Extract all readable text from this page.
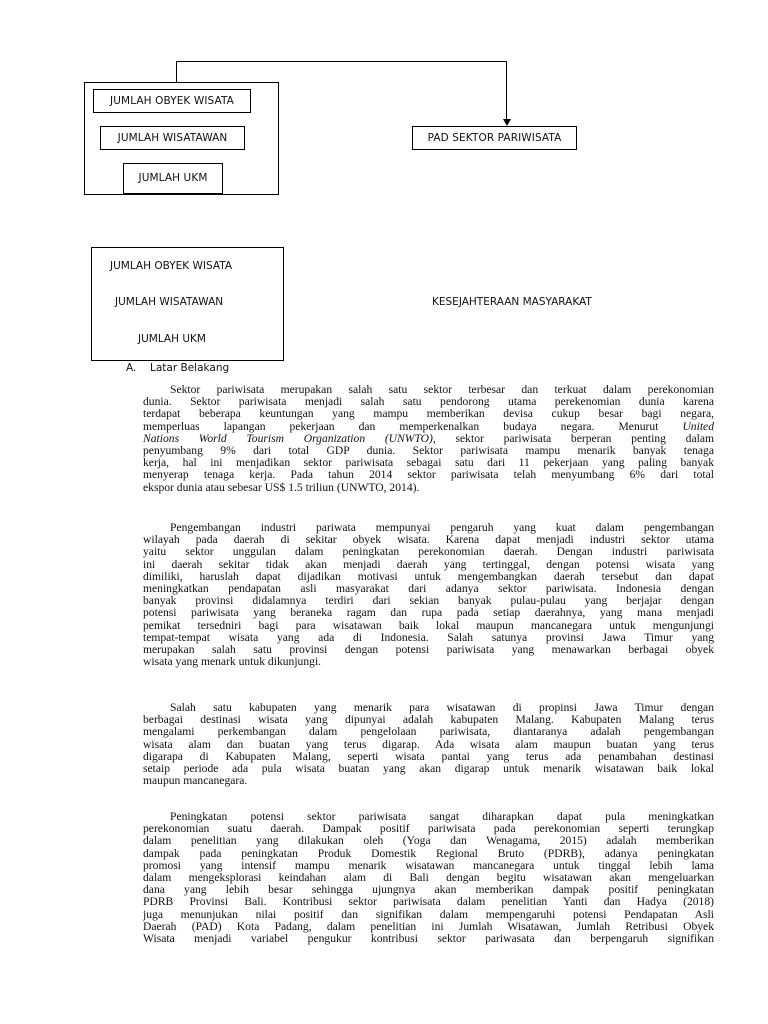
JUMLAH OBYEK WISATA
JUMLAH WISATAWAN
JUMLAH UKM
PAD SEKTOR PARIWISATA
JUMLAH OBYEK WISATA
JUMLAH WISATAWAN
JUMLAH UKM
KESEJAHTERAAN MASYARAKAT
A. Latar Belakang
Sektor pariwisata merupakan salah satu sektor terbesar dan terkuat dalam perekonomian
dunia. Sektor pariwisata menjadi salah satu pendorong utama perekenomian dunia karena
terdapat beberapa keuntungan yang mampu memberikan devisa cukup besar bagi negara,
memperluas lapangan pekerjaan dan memperkenalkan budaya negara. Menurut United
Nations World Tourism Organization (UNWTO), sektor pariwisata berperan penting dalam
penyumbang 9% dari total GDP dunia. Sektor pariwisata mampu menarik banyak tenaga
kerja, hal ini menjadikan sektor pariwisata sebagai satu dari 11 pekerjaan yang paling banyak
menyerap tenaga kerja. Pada tahun 2014 sektor pariwisata telah menyumbang 6% dari total
ekspor dunia atau sebesar US$ 1.5 triliun (UNWTO, 2014).
Pengembangan industri pariwata mempunyai pengaruh yang kuat dalam pengembangan
wilayah pada daerah di sekitar obyek wisata. Karena dapat menjadi industri sektor utama
yaitu sektor unggulan dalam peningkatan perekonomian daerah. Dengan industri pariwisata
ini daerah sekitar tidak akan menjadi daerah yang tertinggal, dengan potensi wisata yang
dimiliki, haruslah dapat dijadikan motivasi untuk mengembangkan daerah tersebut dan dapat
meningkatkan pendapatan asli masyarakat dari adanya sektor pariwisata. Indonesia dengan
banyak provinsi didalamnya terdiri dari sekian banyak pulau-pulau yang berjajar dengan
potensi pariwisata yang beraneka ragam dan rupa pada setiap daerahnya, yang mana menjadi
pemikat tersedniri bagi para wisatawan baik lokal maupun mancanegara untuk mengunjungi
tempat-tempat wisata yang ada di Indonesia. Salah satunya provinsi Jawa Timur yang
merupakan salah satu provinsi dengan potensi pariwisata yang menawarkan berbagai obyek
wisata yang menark untuk dikunjungi.
Salah satu kabupaten yang menarik para wisatawan di propinsi Jawa Timur dengan
berbagai destinasi wisata yang dipunyai adalah kabupaten Malang. Kabupaten Malang terus
mengalami perkembangan dalam pengelolaan pariwisata, diantaranya adalah pengembangan
wisata alam dan buatan yang terus digarap. Ada wisata alam maupun buatan yang terus
digarapa di Kabupaten Malang, seperti wisata pantai yang terus ada penambahan destinasi
setaip periode ada pula wisata buatan yang akan digarap untuk menarik wisatawan baik lokal
maupun mancanegara.
Peningkatan potensi sektor pariwisata sangat diharapkan dapat pula meningkatkan
perekonomian suatu daerah. Dampak positif pariwisata pada perekonomian seperti terungkap
dalam penelitian yang dilakukan oleh (Yoga dan Wenagama, 2015) adalah memberikan
dampak pada peningkatan Produk Domestik Regional Bruto (PDRB), adanya peningkatan
promosi yang intensif mampu menarik wisatawan mancanegara untuk tinggal lebih lama
dalam mengeksplorasi keindahan alam di Bali dengan begitu wisatawan akan mengeluarkan
dana yang lebih besar sehingga ujungnya akan memberikan dampak positif peningkatan
PDRB Provinsi Bali. Kontribusi sektor pariwisata dalam penelitian Yanti dan Hadya (2018)
juga menunjukan nilai positif dan signifikan dalam mempengaruhi potensi Pendapatan Asli
Daerah (PAD) Kota Padang, dalam penelitian ini Jumlah Wisatawan, Jumlah Retribusi Obyek
Wisata menjadi variabel pengukur kontribusi sektor pariwasata dan berpengaruh signifikan
